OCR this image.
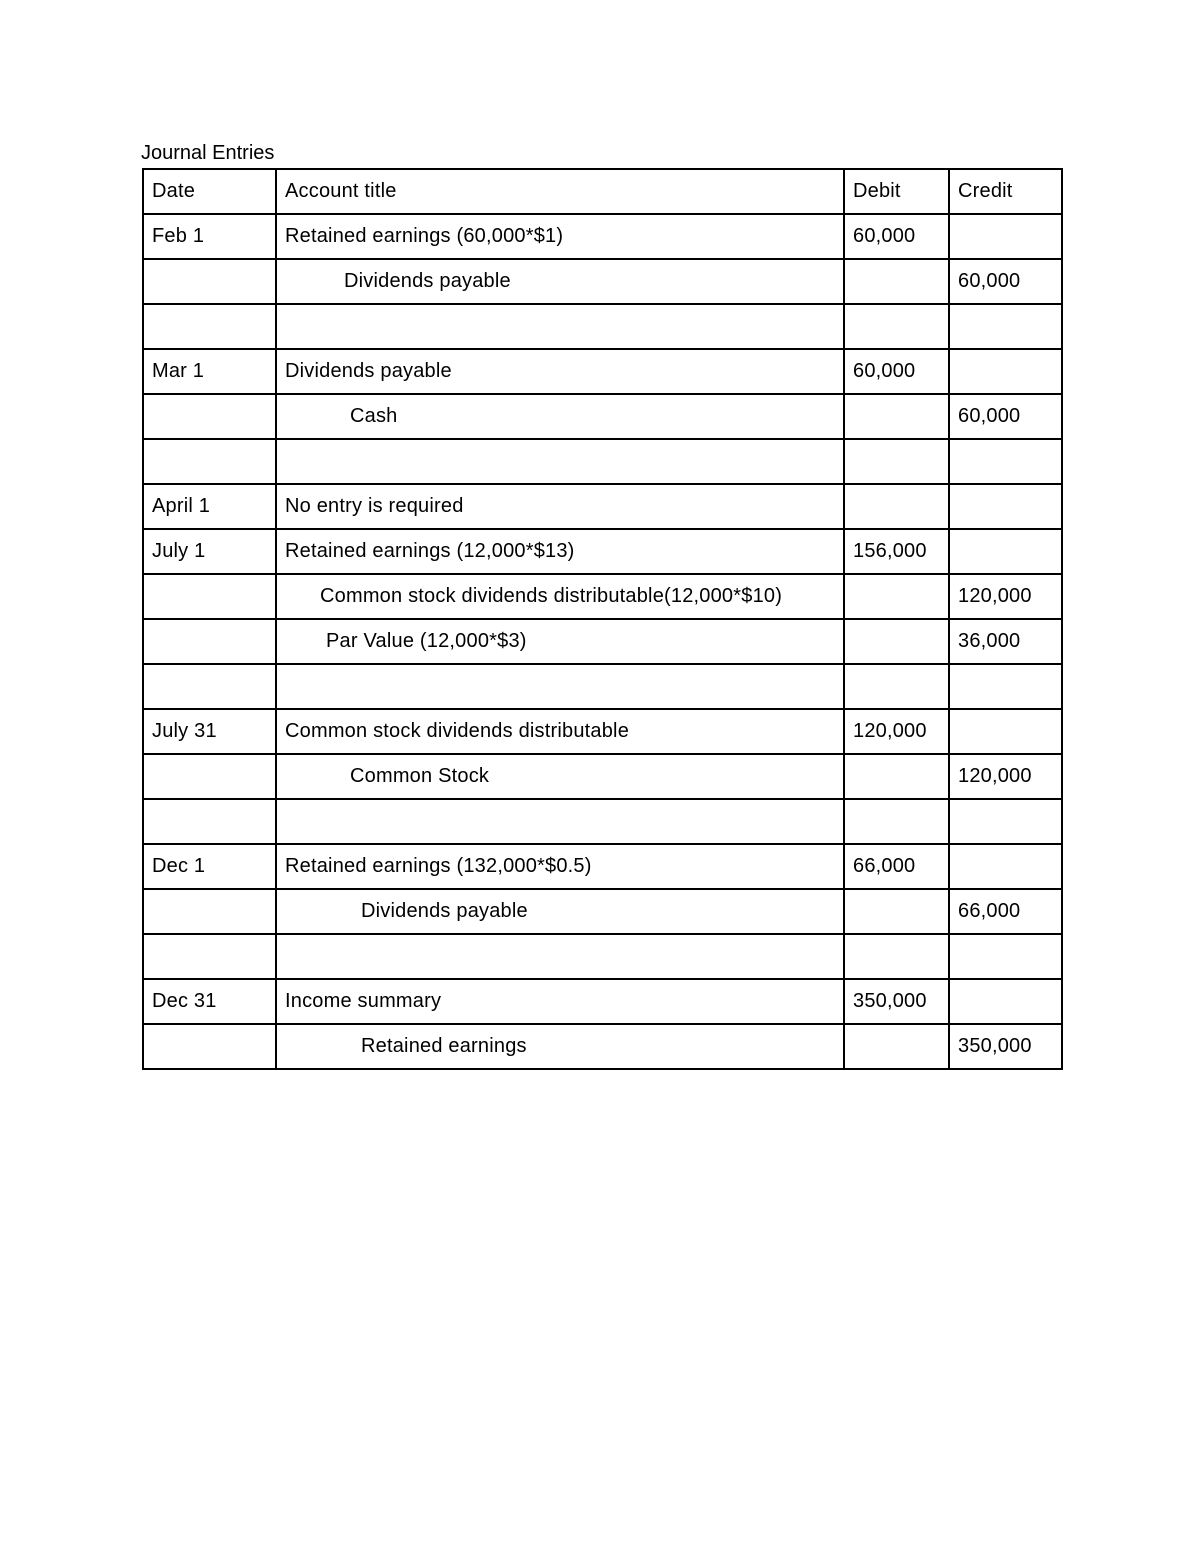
Journal Entries
Date	Account title	Debit	Credit
Feb 1	Retained earnings (60,000*$1)	60,000	
	Dividends payable		60,000

Mar 1	Dividends payable	60,000	
	Cash		60,000

April 1	No entry is required		
July 1	Retained earnings (12,000*$13)	156,000	
	Common stock dividends distributable(12,000*$10)		120,000
	Par Value (12,000*$3)		36,000

July 31	Common stock dividends distributable	120,000	
	Common Stock		120,000

Dec 1	Retained earnings (132,000*$0.5)	66,000	
	Dividends payable		66,000

Dec 31	Income summary	350,000	
	Retained earnings		350,000
